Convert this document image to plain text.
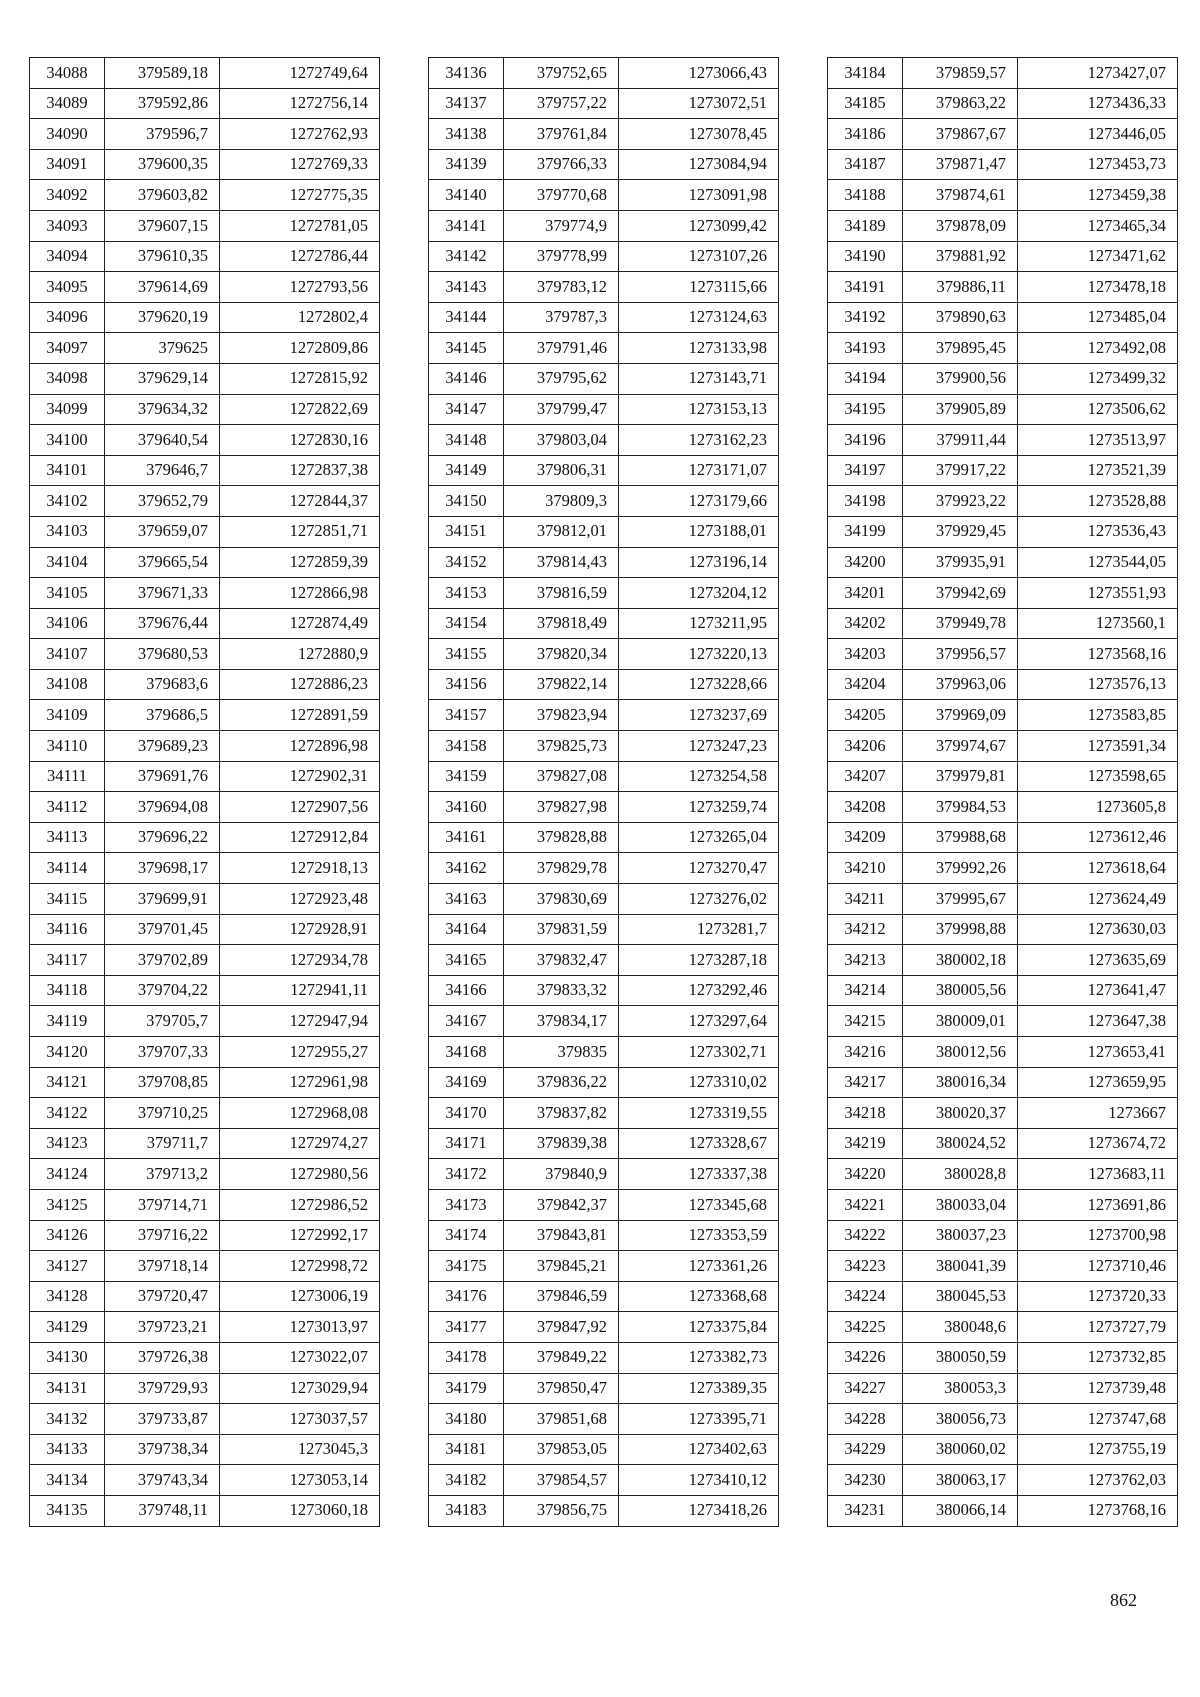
34088	379589,18	1272749,64
34089	379592,86	1272756,14
34090	379596,7	1272762,93
34091	379600,35	1272769,33
34092	379603,82	1272775,35
34093	379607,15	1272781,05
34094	379610,35	1272786,44
34095	379614,69	1272793,56
34096	379620,19	1272802,4
34097	379625	1272809,86
34098	379629,14	1272815,92
34099	379634,32	1272822,69
34100	379640,54	1272830,16
34101	379646,7	1272837,38
34102	379652,79	1272844,37
34103	379659,07	1272851,71
34104	379665,54	1272859,39
34105	379671,33	1272866,98
34106	379676,44	1272874,49
34107	379680,53	1272880,9
34108	379683,6	1272886,23
34109	379686,5	1272891,59
34110	379689,23	1272896,98
34111	379691,76	1272902,31
34112	379694,08	1272907,56
34113	379696,22	1272912,84
34114	379698,17	1272918,13
34115	379699,91	1272923,48
34116	379701,45	1272928,91
34117	379702,89	1272934,78
34118	379704,22	1272941,11
34119	379705,7	1272947,94
34120	379707,33	1272955,27
34121	379708,85	1272961,98
34122	379710,25	1272968,08
34123	379711,7	1272974,27
34124	379713,2	1272980,56
34125	379714,71	1272986,52
34126	379716,22	1272992,17
34127	379718,14	1272998,72
34128	379720,47	1273006,19
34129	379723,21	1273013,97
34130	379726,38	1273022,07
34131	379729,93	1273029,94
34132	379733,87	1273037,57
34133	379738,34	1273045,3
34134	379743,34	1273053,14
34135	379748,11	1273060,18
34136	379752,65	1273066,43
34137	379757,22	1273072,51
34138	379761,84	1273078,45
34139	379766,33	1273084,94
34140	379770,68	1273091,98
34141	379774,9	1273099,42
34142	379778,99	1273107,26
34143	379783,12	1273115,66
34144	379787,3	1273124,63
34145	379791,46	1273133,98
34146	379795,62	1273143,71
34147	379799,47	1273153,13
34148	379803,04	1273162,23
34149	379806,31	1273171,07
34150	379809,3	1273179,66
34151	379812,01	1273188,01
34152	379814,43	1273196,14
34153	379816,59	1273204,12
34154	379818,49	1273211,95
34155	379820,34	1273220,13
34156	379822,14	1273228,66
34157	379823,94	1273237,69
34158	379825,73	1273247,23
34159	379827,08	1273254,58
34160	379827,98	1273259,74
34161	379828,88	1273265,04
34162	379829,78	1273270,47
34163	379830,69	1273276,02
34164	379831,59	1273281,7
34165	379832,47	1273287,18
34166	379833,32	1273292,46
34167	379834,17	1273297,64
34168	379835	1273302,71
34169	379836,22	1273310,02
34170	379837,82	1273319,55
34171	379839,38	1273328,67
34172	379840,9	1273337,38
34173	379842,37	1273345,68
34174	379843,81	1273353,59
34175	379845,21	1273361,26
34176	379846,59	1273368,68
34177	379847,92	1273375,84
34178	379849,22	1273382,73
34179	379850,47	1273389,35
34180	379851,68	1273395,71
34181	379853,05	1273402,63
34182	379854,57	1273410,12
34183	379856,75	1273418,26
34184	379859,57	1273427,07
34185	379863,22	1273436,33
34186	379867,67	1273446,05
34187	379871,47	1273453,73
34188	379874,61	1273459,38
34189	379878,09	1273465,34
34190	379881,92	1273471,62
34191	379886,11	1273478,18
34192	379890,63	1273485,04
34193	379895,45	1273492,08
34194	379900,56	1273499,32
34195	379905,89	1273506,62
34196	379911,44	1273513,97
34197	379917,22	1273521,39
34198	379923,22	1273528,88
34199	379929,45	1273536,43
34200	379935,91	1273544,05
34201	379942,69	1273551,93
34202	379949,78	1273560,1
34203	379956,57	1273568,16
34204	379963,06	1273576,13
34205	379969,09	1273583,85
34206	379974,67	1273591,34
34207	379979,81	1273598,65
34208	379984,53	1273605,8
34209	379988,68	1273612,46
34210	379992,26	1273618,64
34211	379995,67	1273624,49
34212	379998,88	1273630,03
34213	380002,18	1273635,69
34214	380005,56	1273641,47
34215	380009,01	1273647,38
34216	380012,56	1273653,41
34217	380016,34	1273659,95
34218	380020,37	1273667
34219	380024,52	1273674,72
34220	380028,8	1273683,11
34221	380033,04	1273691,86
34222	380037,23	1273700,98
34223	380041,39	1273710,46
34224	380045,53	1273720,33
34225	380048,6	1273727,79
34226	380050,59	1273732,85
34227	380053,3	1273739,48
34228	380056,73	1273747,68
34229	380060,02	1273755,19
34230	380063,17	1273762,03
34231	380066,14	1273768,16
862
